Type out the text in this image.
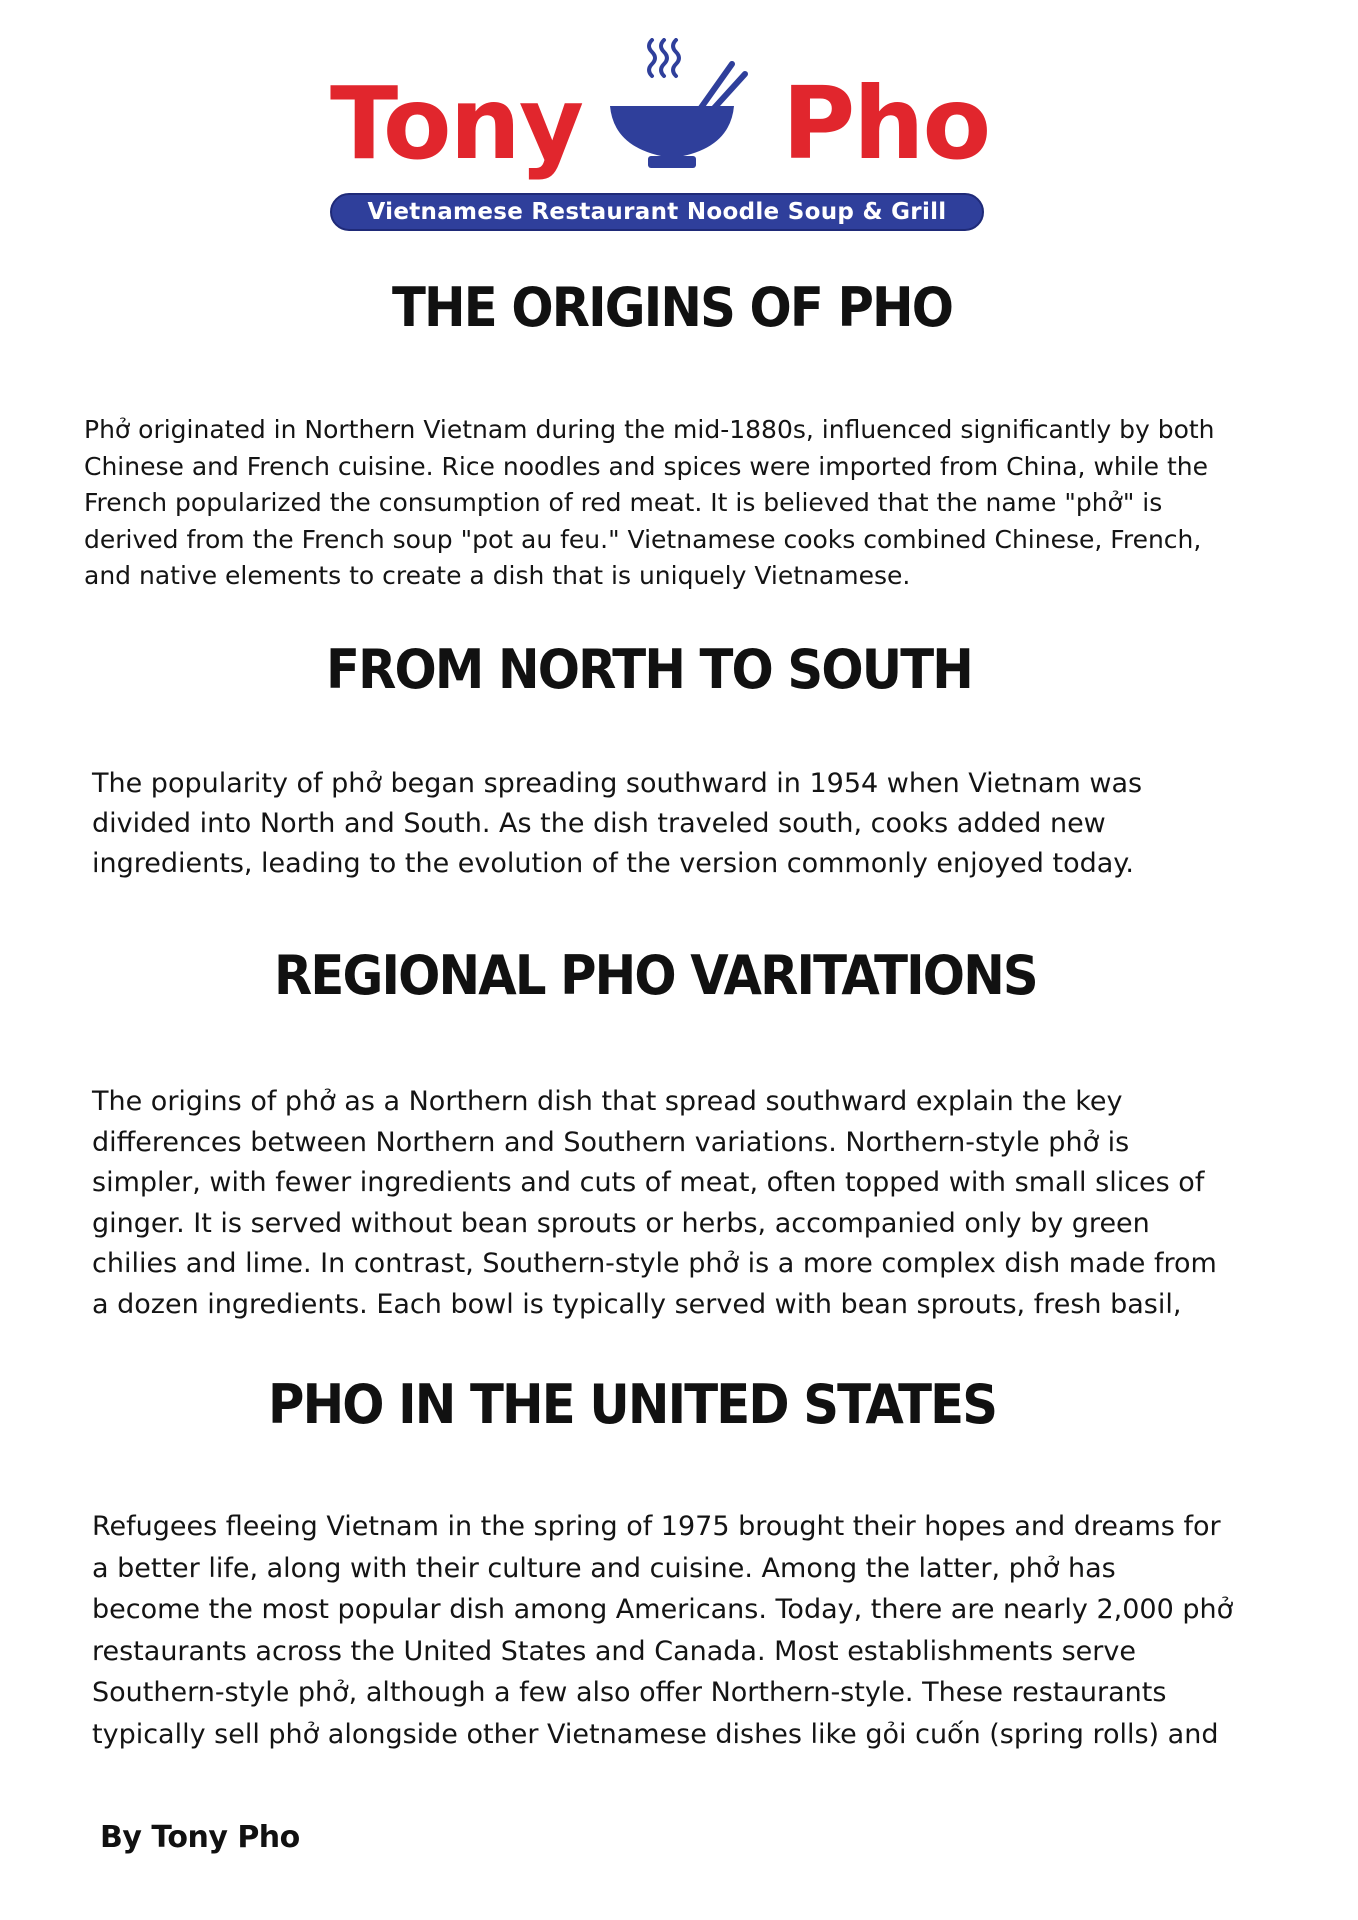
Tony Pho
Vietnamese Restaurant Noodle Soup & Grill
THE ORIGINS OF PHO
Phở originated in Northern Vietnam during the mid-1880s, influenced significantly by both
Chinese and French cuisine. Rice noodles and spices were imported from China, while the
French popularized the consumption of red meat. It is believed that the name "phở" is
derived from the French soup "pot au feu." Vietnamese cooks combined Chinese, French,
and native elements to create a dish that is uniquely Vietnamese.
FROM NORTH TO SOUTH
The popularity of phở began spreading southward in 1954 when Vietnam was
divided into North and South. As the dish traveled south, cooks added new
ingredients, leading to the evolution of the version commonly enjoyed today.
REGIONAL PHO VARITATIONS
The origins of phở as a Northern dish that spread southward explain the key
differences between Northern and Southern variations. Northern-style phở is
simpler, with fewer ingredients and cuts of meat, often topped with small slices of
ginger. It is served without bean sprouts or herbs, accompanied only by green
chilies and lime. In contrast, Southern-style phở is a more complex dish made from
a dozen ingredients. Each bowl is typically served with bean sprouts, fresh basil,
PHO IN THE UNITED STATES
Refugees fleeing Vietnam in the spring of 1975 brought their hopes and dreams for
a better life, along with their culture and cuisine. Among the latter, phở has
become the most popular dish among Americans. Today, there are nearly 2,000 phở
restaurants across the United States and Canada. Most establishments serve
Southern-style phở, although a few also offer Northern-style. These restaurants
typically sell phở alongside other Vietnamese dishes like gỏi cuốn (spring rolls) and

By Tony Pho
